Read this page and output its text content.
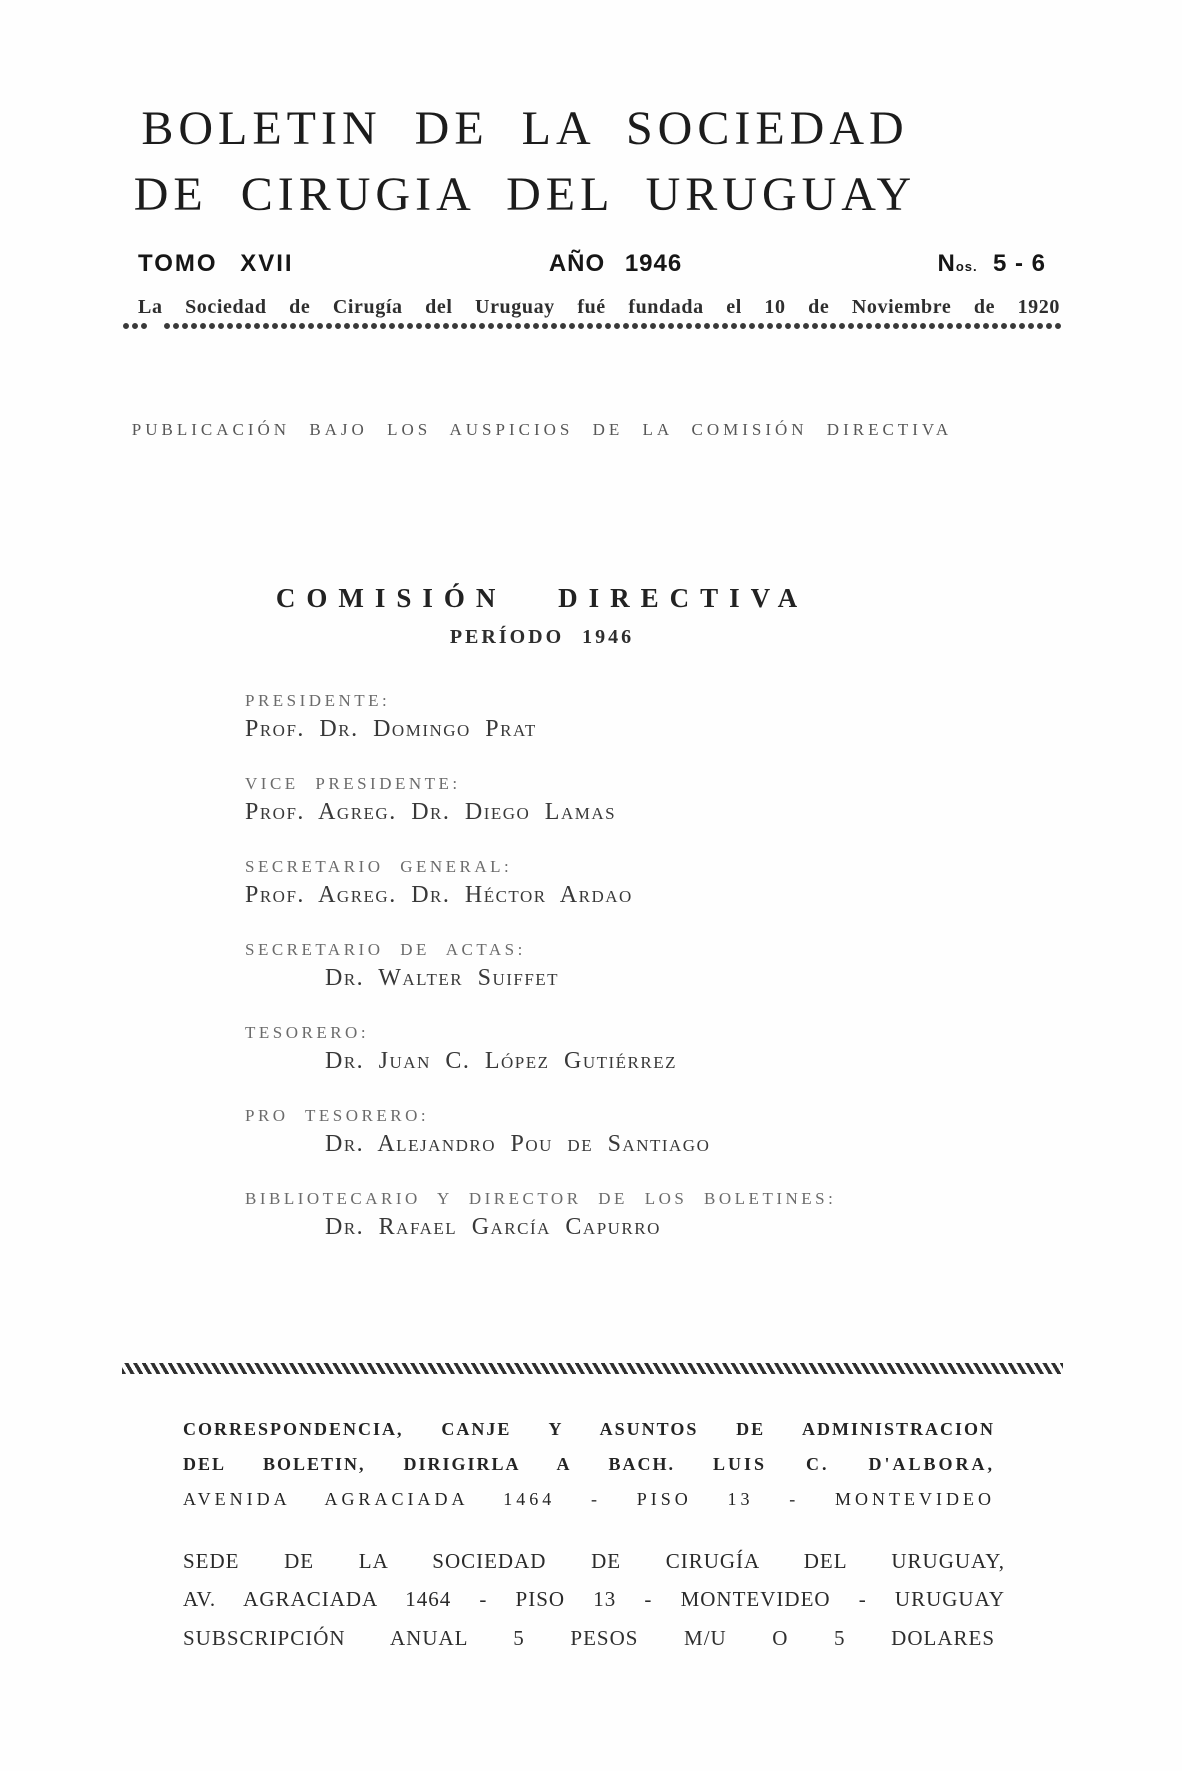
BOLETIN DE LA SOCIEDAD
DE CIRUGIA DEL URUGUAY
TOMO XVII	AÑO 1946	Nos. 5 - 6
La Sociedad de Cirugía del Uruguay fué fundada el 10 de Noviembre de 1920
PUBLICACIÓN BAJO LOS AUSPICIOS DE LA COMISIÓN DIRECTIVA
COMISIÓN DIRECTIVA
PERÍODO 1946
PRESIDENTE:
Prof. Dr. Domingo Prat
VICE PRESIDENTE:
Prof. Agreg. Dr. Diego Lamas
SECRETARIO GENERAL:
Prof. Agreg. Dr. Héctor Ardao
SECRETARIO DE ACTAS:
Dr. Walter Suiffet
TESORERO:
Dr. Juan C. López Gutiérrez
PRO TESORERO:
Dr. Alejandro Pou de Santiago
BIBLIOTECARIO Y DIRECTOR DE LOS BOLETINES:
Dr. Rafael García Capurro
CORRESPONDENCIA, CANJE Y ASUNTOS DE ADMINISTRACION
DEL BOLETIN, DIRIGIRLA A BACH. LUIS C. D'ALBORA,
AVENIDA AGRACIADA 1464 - PISO 13 - MONTEVIDEO
SEDE DE LA SOCIEDAD DE CIRUGÍA DEL URUGUAY,
AV. AGRACIADA 1464 - PISO 13 - MONTEVIDEO - URUGUAY
SUBSCRIPCIÓN ANUAL 5 PESOS M/U O 5 DOLARES
